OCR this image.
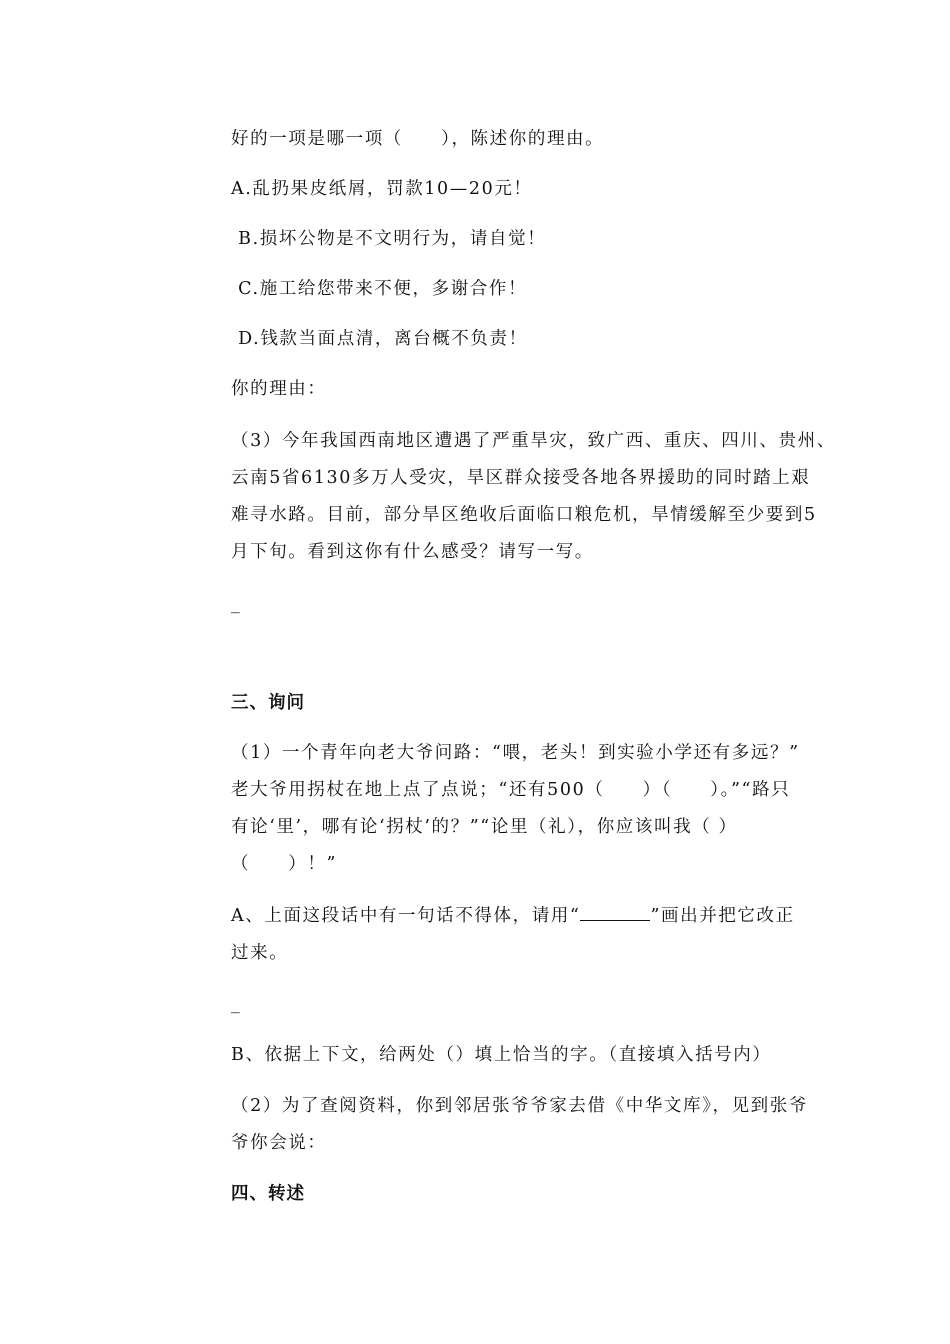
好的一项是哪一项（　　），陈述你的理由。
A.乱扔果皮纸屑，罚款10—20元！
B.损坏公物是不文明行为，请自觉！
C.施工给您带来不便，多谢合作！
D.钱款当面点清，离台概不负责！
你的理由：
（3）今年我国西南地区遭遇了严重旱灾，致广西、重庆、四川、贵州、
云南5省6130多万人受灾，旱区群众接受各地各界援助的同时踏上艰
难寻水路。目前，部分旱区绝收后面临口粮危机，旱情缓解至少要到5
月下旬。看到这你有什么感受？请写一写。
_
三、询问
（1）一个青年向老大爷问路：“喂，老头！到实验小学还有多远？”
老大爷用拐杖在地上点了点说；“还有500（　　）（　　）。”“路只
有论‘里’，哪有论‘拐杖’的？”“论里（礼），你应该叫我（ ）
（　　）！”
A、上面这段话中有一句话不得体，请用“	”画出并把它改正
过来。
_
B、依据上下文，给两处（）填上恰当的字。（直接填入括号内）
（2）为了查阅资料，你到邻居张爷爷家去借《中华文库》，见到张爷
爷你会说：
四、转述
